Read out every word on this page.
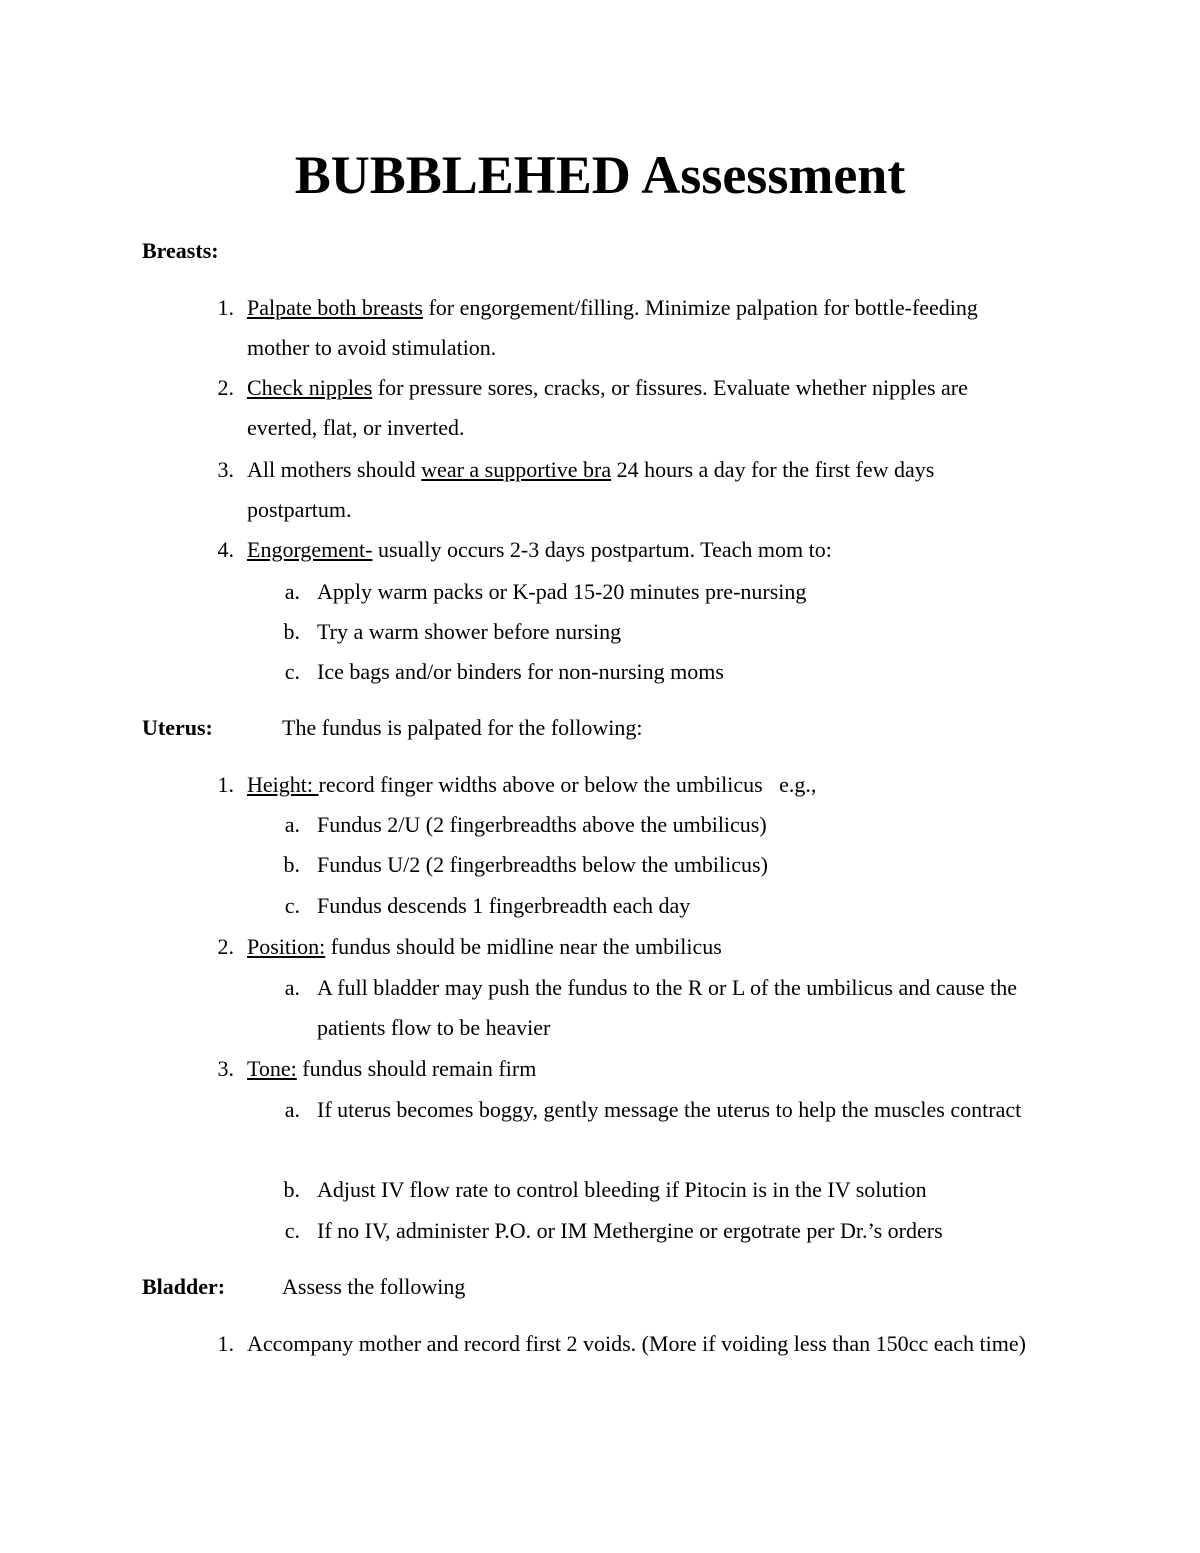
BUBBLEHED Assessment

Breasts:

1. Palpate both breasts for engorgement/filling. Minimize palpation for bottle-feeding mother to avoid stimulation.
2. Check nipples for pressure sores, cracks, or fissures. Evaluate whether nipples are everted, flat, or inverted.
3. All mothers should wear a supportive bra 24 hours a day for the first few days postpartum.
4. Engorgement- usually occurs 2-3 days postpartum. Teach mom to:
a. Apply warm packs or K-pad 15-20 minutes pre-nursing
b. Try a warm shower before nursing
c. Ice bags and/or binders for non-nursing moms

Uterus:	The fundus is palpated for the following:

1. Height: record finger widths above or below the umbilicus   e.g.,
a. Fundus 2/U (2 fingerbreadths above the umbilicus)
b. Fundus U/2 (2 fingerbreadths below the umbilicus)
c. Fundus descends 1 fingerbreadth each day
2. Position: fundus should be midline near the umbilicus
a. A full bladder may push the fundus to the R or L of the umbilicus and cause the patients flow to be heavier
3. Tone: fundus should remain firm
a. If uterus becomes boggy, gently message the uterus to help the muscles contract
b. Adjust IV flow rate to control bleeding if Pitocin is in the IV solution
c. If no IV, administer P.O. or IM Methergine or ergotrate per Dr.’s orders

Bladder:	Assess the following

1. Accompany mother and record first 2 voids. (More if voiding less than 150cc each time)
